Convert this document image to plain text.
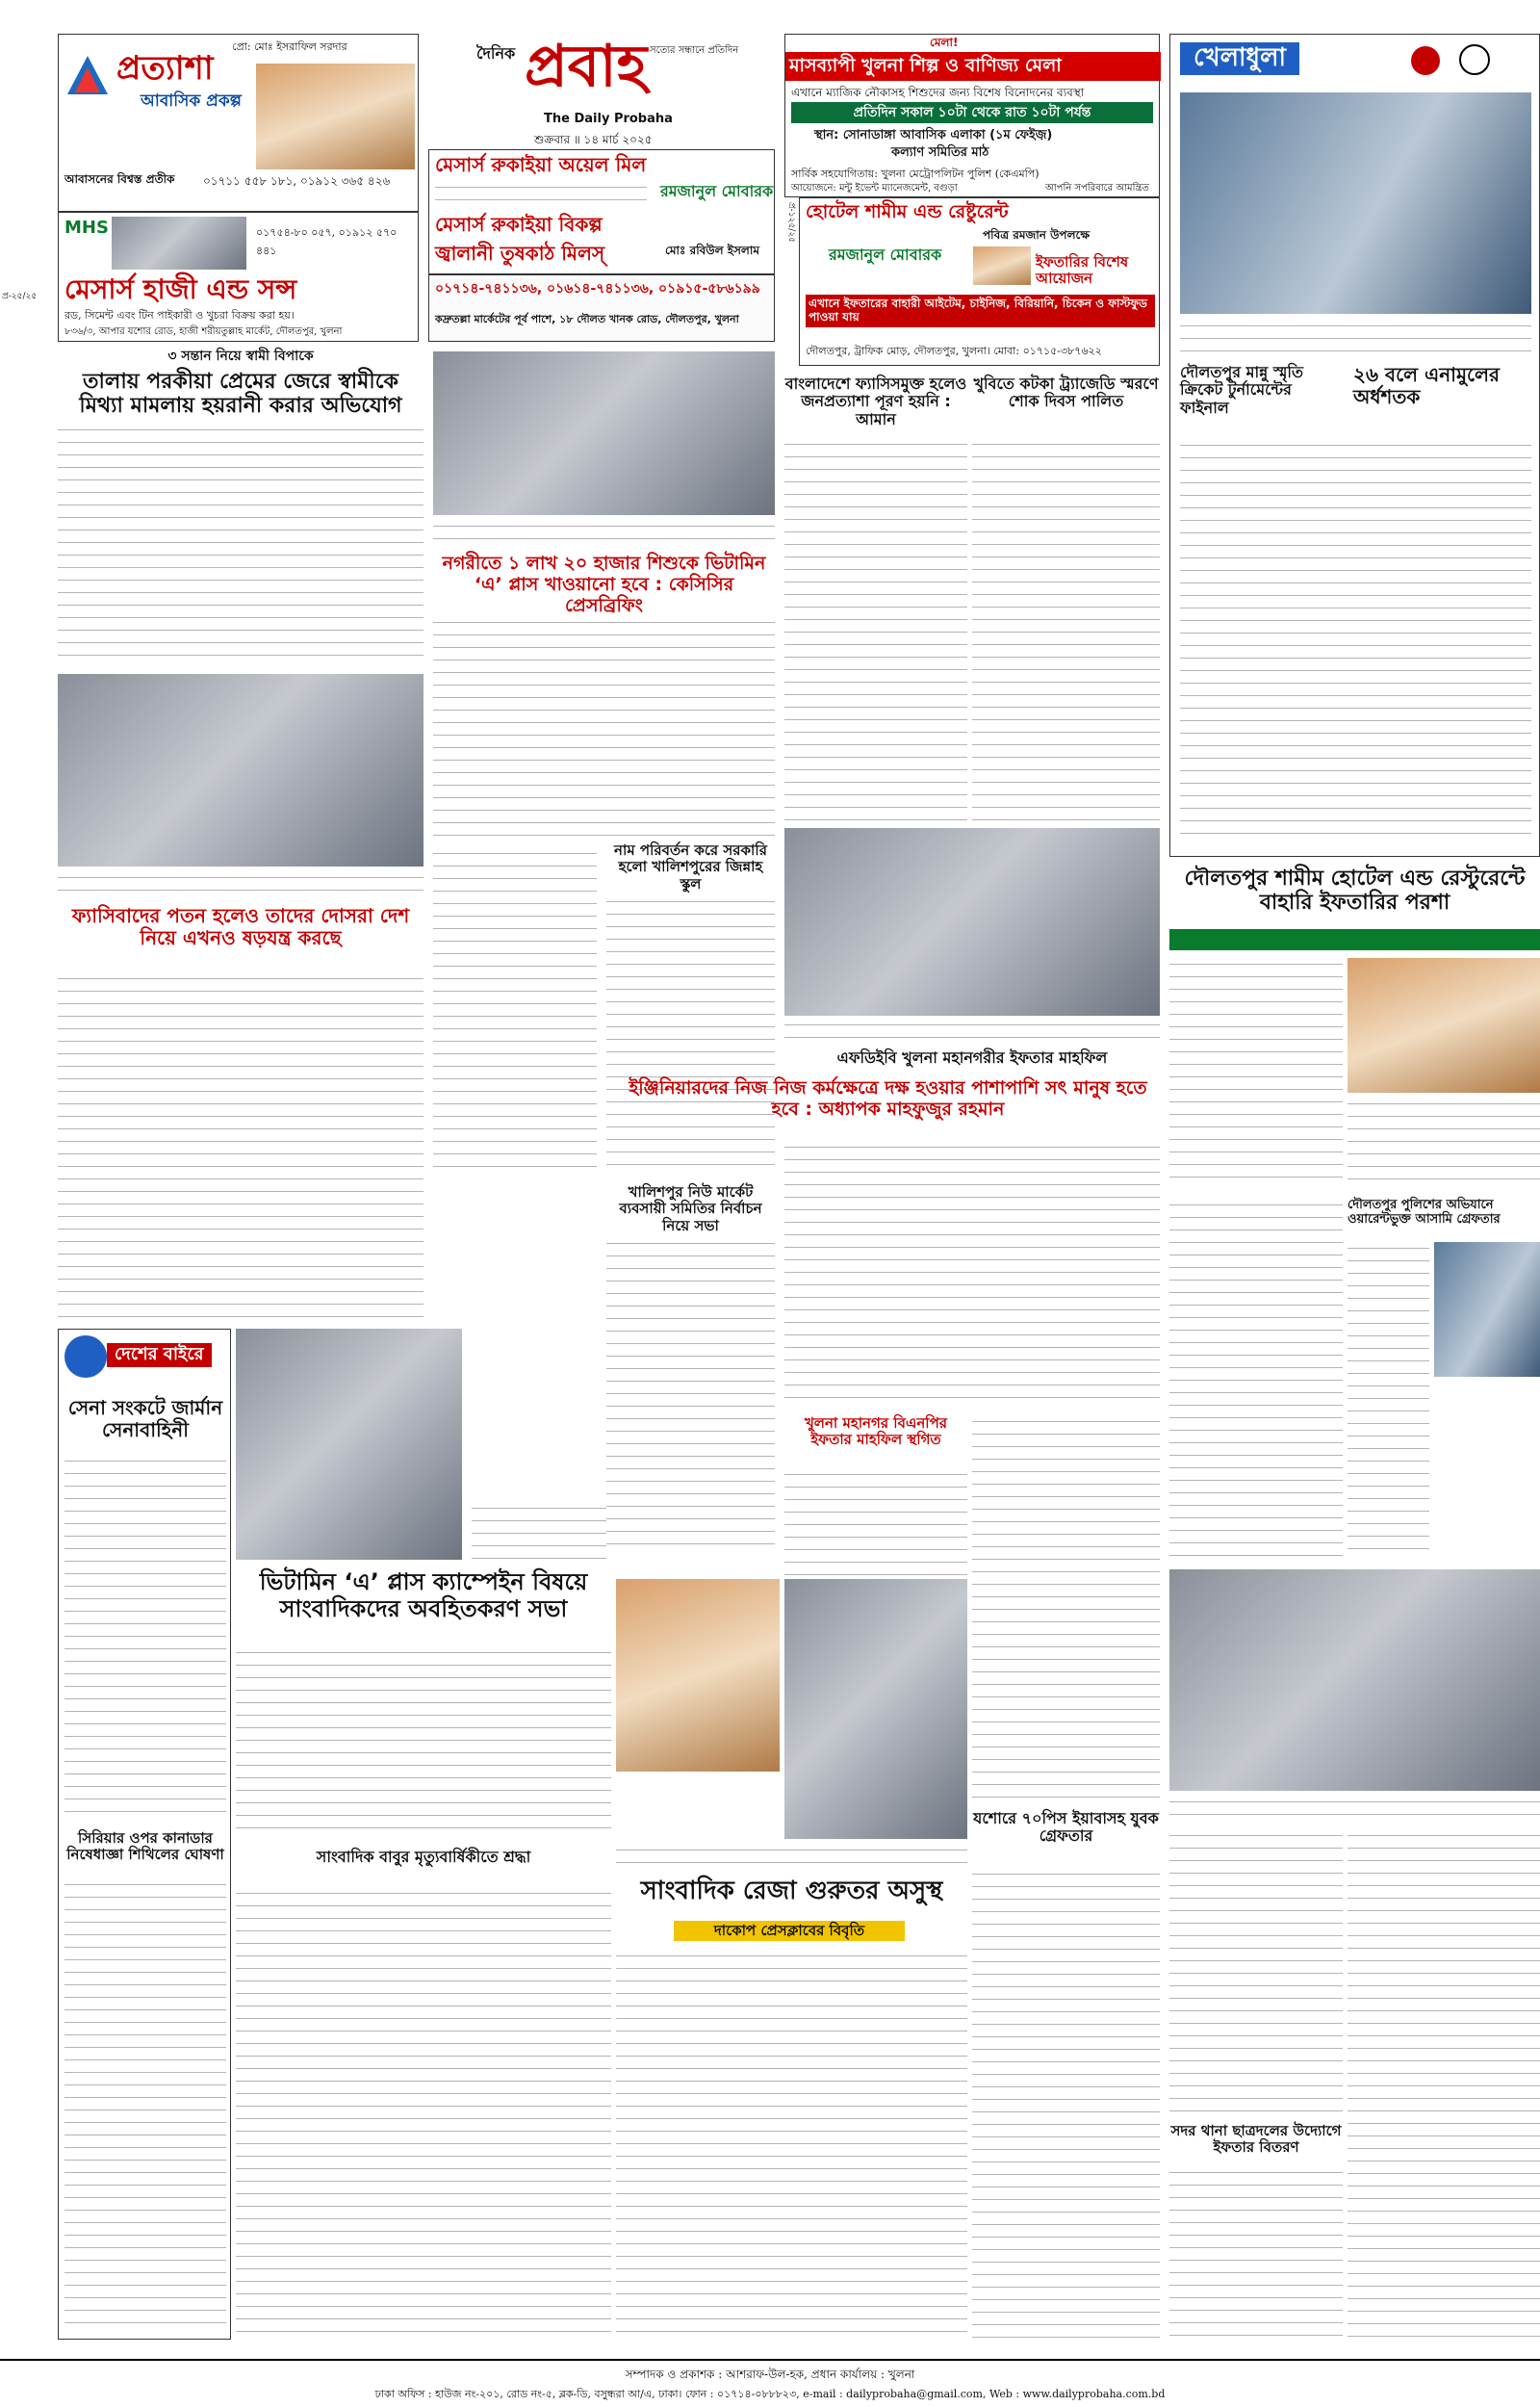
প্রত্যাশা
আবাসিক প্রকল্প
প্রো: মোঃ ইসরাফিল সরদার
আবাসনের বিশ্বস্ত প্রতীক ০১৭১১ ৫৫৮ ১৮১, ০১৯১২ ৩৬৫ ৪২৬
MHS	০১৭৫৪-৮০ ০৫৭, ০১৯১২ ৫৭০ ৪৪১
মেসার্স হাজী এন্ড সন্স
রড, সিমেন্ট এবং টিন পাইকারী ও খুচরা বিক্রয় করা হয়।
৮৩৬/৩, আপার যশোর রোড, হাজী শরীয়তুল্লাহ মার্কেট, দৌলতপুর, খুলনা
প্র-২৫/২৫
দৈনিক প্রবাহ সত্যের সন্ধানে প্রতিদিন
The Daily Probaha
শুক্রবার ॥ ১৪ মার্চ ২০২৫
মেসার্স রুকাইয়া অয়েল মিল
রমজানুল মোবারক
মেসার্স রুকাইয়া বিকল্প
জ্বালানী তুষকাঠ মিলস্	মোঃ রবিউল ইসলাম
০১৭১৪-৭৪১১৩৬, ০১৬১৪-৭৪১১৩৬, ০১৯১৫-৫৮৬১৯৯
কদ্রুতল্লা মার্কেটের পূর্ব পাশে, ১৮ দৌলত খানক রোড, দৌলতপুর, খুলনা
মেলা!
মাসব্যাপী খুলনা শিল্প ও বাণিজ্য মেলা
এখানে ম্যাজিক নৌকাসহ শিশুদের জন্য বিশেষ বিনোদনের ব্যবস্থা
প্রতিদিন সকাল ১০টা থেকে রাত ১০টা পর্যন্ত
স্থান: সোনাডাঙ্গা আবাসিক এলাকা (১ম ফেইজ়)
কল্যাণ সমিতির মাঠ
সার্বিক সহযোগিতায়: খুলনা মেট্রোপলিটন পুলিশ (কেএমপি)
আয়োজনে: মন্টু ইভেন্ট ম্যানেজমেন্ট, বগুড়া	আপনি সপরিবারে আমন্ত্রিত
প্র-১২৫/২৫ হোটেল শামীম এন্ড রেষ্টুরেন্ট
পবিত্র রমজান উপলক্ষে
রমজানুল মোবারক	ইফতারির বিশেষ আয়োজন
এখানে ইফতারের বাহারী আইটেম, চাইনিজ, বিরিয়ানি, চিকেন ও ফাস্টফুড পাওয়া যায়
দৌলতপুর, ট্রাফিক মোড়, দৌলতপুর, খুলনা। মোবা: ০১৭১৫-৩৮৭৬২২
খেলাধুলা
দৌলতপুর মান্নু স্মৃতি ক্রিকেট টুর্নামেন্টের ফাইনাল
২৬ বলে এনামুলের অর্ধশতক
৩ সন্তান নিয়ে স্বামী বিপাকে
তালায় পরকীয়া প্রেমের জেরে স্বামীকে মিথ্যা মামলায় হয়রানী করার অভিযোগ
ফ্যাসিবাদের পতন হলেও তাদের দোসরা দেশ নিয়ে এখনও ষড়যন্ত্র করছে
দেশের বাইরে
সেনা সংকটে জার্মান সেনাবাহিনী
সিরিয়ার ওপর কানাডার নিষেধাজ্ঞা শিথিলের ঘোষণা
নগরীতে ১ লাখ ২০ হাজার শিশুকে ভিটামিন ‘এ’ প্লাস খাওয়ানো হবে : কেসিসির প্রেসব্রিফিং
নাম পরিবর্তন করে সরকারি হলো খালিশপুরের জিন্নাহ স্কুল
খালিশপুর নিউ মার্কেট ব্যবসায়ী সমিতির নির্বাচন নিয়ে সভা
ভিটামিন ‘এ’ প্লাস ক্যাম্পেইন বিষয়ে সাংবাদিকদের অবহিতকরণ সভা
সাংবাদিক বাবুর মৃত্যুবার্ষিকীতে শ্রদ্ধা
বাংলাদেশে ফ্যাসিসমুক্ত হলেও জনপ্রত্যাশা পূরণ হয়নি : আমান
খুবিতে কটকা ট্র্যাজেডি স্মরণে শোক দিবস পালিত
এফডিইবি খুলনা মহানগরীর ইফতার মাহফিল
ইঞ্জিনিয়ারদের নিজ নিজ কর্মক্ষেত্রে দক্ষ হওয়ার পাশাপাশি সৎ মানুষ হতে হবে : অধ্যাপক মাহফুজুর রহমান
খুলনা মহানগর বিএনপির ইফতার মাহফিল স্থগিত
সাংবাদিক রেজা গুরুতর অসুস্থ
দাকোপ প্রেসক্লাবের বিবৃতি
যশোরে ৭০পিস ইয়াবাসহ যুবক গ্রেফতার
দৌলতপুর শামীম হোটেল এন্ড রেস্টুরেন্টে বাহারি ইফতারির পরশা
দৌলতপুর পুলিশের অভিযানে ওয়ারেন্টভুক্ত আসামি গ্রেফতার
সদর থানা ছাত্রদলের উদ্যোগে ইফতার বিতরণ
সম্পাদক ও প্রকাশক : আশরাফ-উল-হক, প্রধান কার্যালয় : খুলনা
ঢাকা অফিস : হাউজ নং-২০১, রোড নং-৫, ব্লক-ডি, বসুন্ধরা আ/এ, ঢাকা। ফোন : ০১৭১৪-০৮৮৮২৩, e-mail : dailyprobaha@gmail.com, Web : www.dailyprobaha.com.bd
